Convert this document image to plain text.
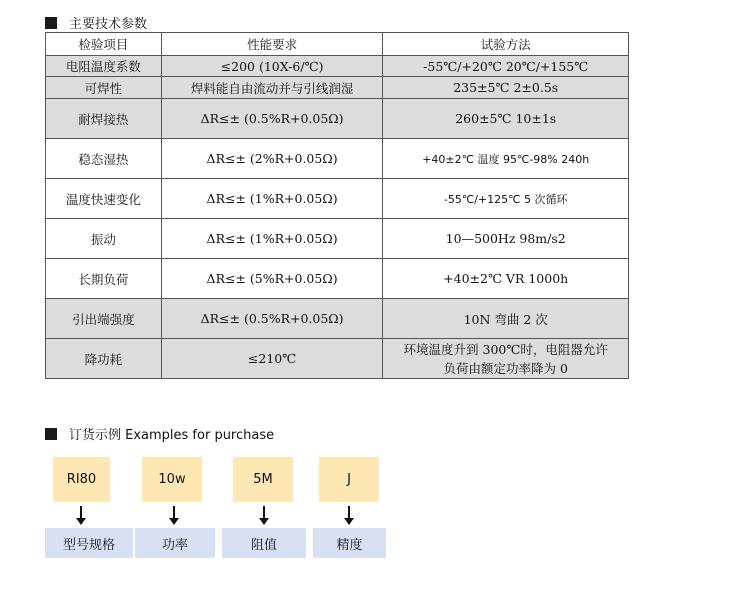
主要技术参数
检验项目	性能要求	试验方法
电阻温度系数	≤200 (10X-6/℃)	-55℃/+20℃ 20℃/+155℃
可焊性	焊料能自由流动并与引线润湿	235±5℃ 2±0.5s
耐焊接热	ΔR≤± (0.5%R+0.05Ω)	260±5℃ 10±1s
稳态湿热	ΔR≤± (2%R+0.05Ω)	+40±2℃ 温度 95℃-98% 240h
温度快速变化	ΔR≤± (1%R+0.05Ω)	-55℃/+125℃ 5 次循环
振动	ΔR≤± (1%R+0.05Ω)	10—500Hz 98m/s2
长期负荷	ΔR≤± (5%R+0.05Ω)	+40±2℃ VR 1000h
引出端强度	ΔR≤± (0.5%R+0.05Ω)	10N 弯曲 2 次
降功耗	≤210℃	环境温度升到 300℃时，电阻器允许
负荷由额定功率降为 0
订货示例 Examples for purchase
RI80	10w	5M	J
型号规格	功率	阻值	精度
